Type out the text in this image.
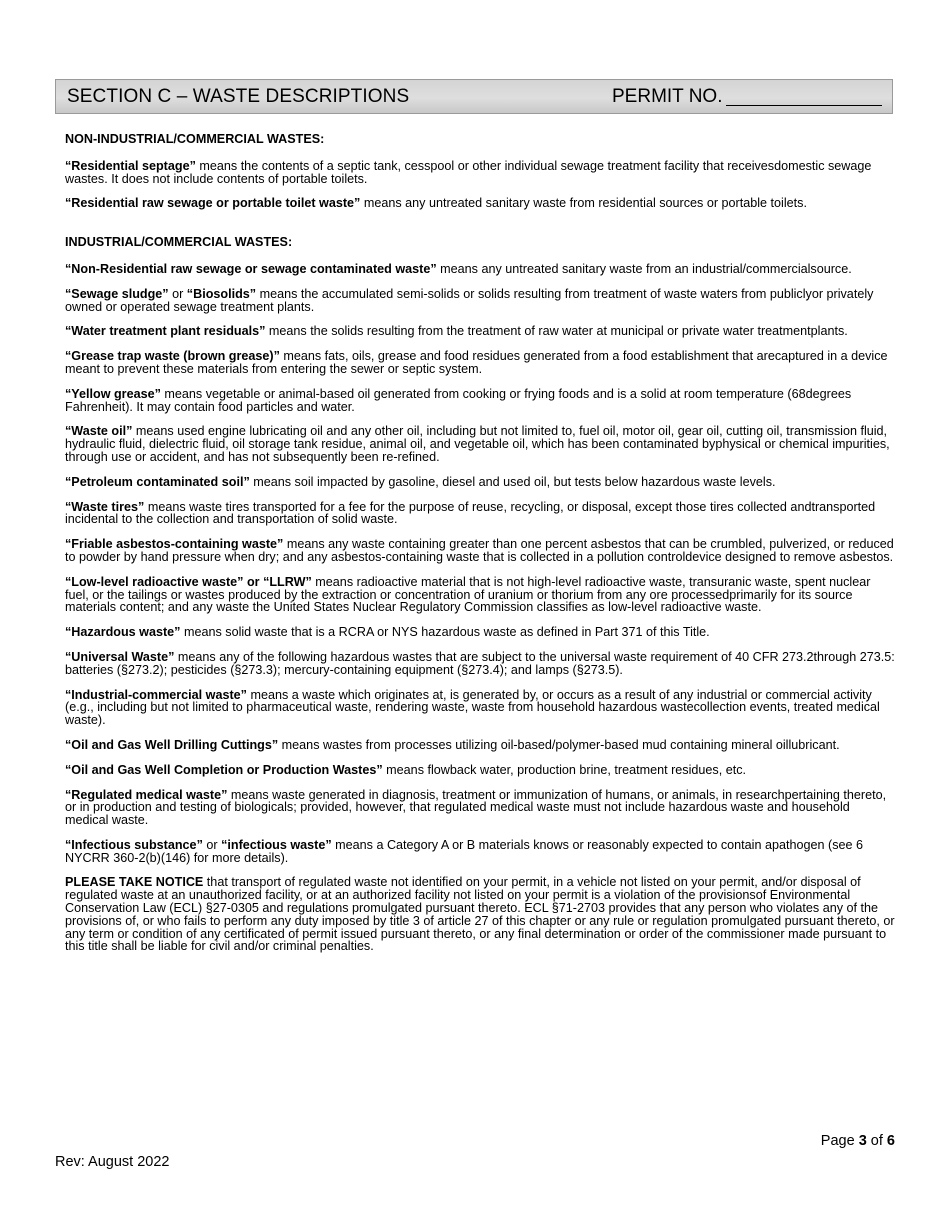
SECTION C – WASTE DESCRIPTIONS	PERMIT NO.

NON-INDUSTRIAL/COMMERCIAL WASTES:

“Residential septage” means the contents of a septic tank, cesspool or other individual sewage treatment facility that receivesdomestic sewage wastes. It does not include contents of portable toilets.

“Residential raw sewage or portable toilet waste” means any untreated sanitary waste from residential sources or portable toilets.

INDUSTRIAL/COMMERCIAL WASTES:

“Non-Residential raw sewage or sewage contaminated waste” means any untreated sanitary waste from an industrial/commercialsource.

“Sewage sludge” or “Biosolids” means the accumulated semi-solids or solids resulting from treatment of waste waters from publiclyor privately owned or operated sewage treatment plants.

“Water treatment plant residuals” means the solids resulting from the treatment of raw water at municipal or private water treatmentplants.

“Grease trap waste (brown grease)” means fats, oils, grease and food residues generated from a food establishment that arecaptured in a device meant to prevent these materials from entering the sewer or septic system.

“Yellow grease” means vegetable or animal-based oil generated from cooking or frying foods and is a solid at room temperature (68degrees Fahrenheit). It may contain food particles and water.

“Waste oil” means used engine lubricating oil and any other oil, including but not limited to, fuel oil, motor oil, gear oil, cutting oil, transmission fluid, hydraulic fluid, dielectric fluid, oil storage tank residue, animal oil, and vegetable oil, which has been contaminated byphysical or chemical impurities, through use or accident, and has not subsequently been re-refined.

“Petroleum contaminated soil” means soil impacted by gasoline, diesel and used oil, but tests below hazardous waste levels.

“Waste tires” means waste tires transported for a fee for the purpose of reuse, recycling, or disposal, except those tires collected andtransported incidental to the collection and transportation of solid waste.

“Friable asbestos-containing waste” means any waste containing greater than one percent asbestos that can be crumbled, pulverized, or reduced to powder by hand pressure when dry; and any asbestos-containing waste that is collected in a pollution controldevice designed to remove asbestos.

“Low-level radioactive waste” or “LLRW” means radioactive material that is not high-level radioactive waste, transuranic waste, spent nuclear fuel, or the tailings or wastes produced by the extraction or concentration of uranium or thorium from any ore processedprimarily for its source materials content; and any waste the United States Nuclear Regulatory Commission classifies as low-level radioactive waste.

“Hazardous waste” means solid waste that is a RCRA or NYS hazardous waste as defined in Part 371 of this Title.

“Universal Waste” means any of the following hazardous wastes that are subject to the universal waste requirement of 40 CFR 273.2through 273.5: batteries (§273.2); pesticides (§273.3); mercury-containing equipment (§273.4); and lamps (§273.5).

“Industrial-commercial waste” means a waste which originates at, is generated by, or occurs as a result of any industrial or commercial activity (e.g., including but not limited to pharmaceutical waste, rendering waste, waste from household hazardous wastecollection events, treated medical waste).

“Oil and Gas Well Drilling Cuttings” means wastes from processes utilizing oil-based/polymer-based mud containing mineral oillubricant.

“Oil and Gas Well Completion or Production Wastes” means flowback water, production brine, treatment residues, etc.

“Regulated medical waste” means waste generated in diagnosis, treatment or immunization of humans, or animals, in researchpertaining thereto, or in production and testing of biologicals; provided, however, that regulated medical waste must not include hazardous waste and household medical waste.

“Infectious substance” or “infectious waste” means a Category A or B materials knows or reasonably expected to contain apathogen (see 6 NYCRR 360-2(b)(146) for more details).

PLEASE TAKE NOTICE that transport of regulated waste not identified on your permit, in a vehicle not listed on your permit, and/or disposal of regulated waste at an unauthorized facility, or at an authorized facility not listed on your permit is a violation of the provisionsof Environmental Conservation Law (ECL) §27-0305 and regulations promulgated pursuant thereto. ECL §71-2703 provides that any person who violates any of the provisions of, or who fails to perform any duty imposed by title 3 of article 27 of this chapter or any rule or regulation promulgated pursuant thereto, or any term or condition of any certificated of permit issued pursuant thereto, or any final determination or order of the commissioner made pursuant to this title shall be liable for civil and/or criminal penalties.

Page 3 of 6
Rev: August 2022
